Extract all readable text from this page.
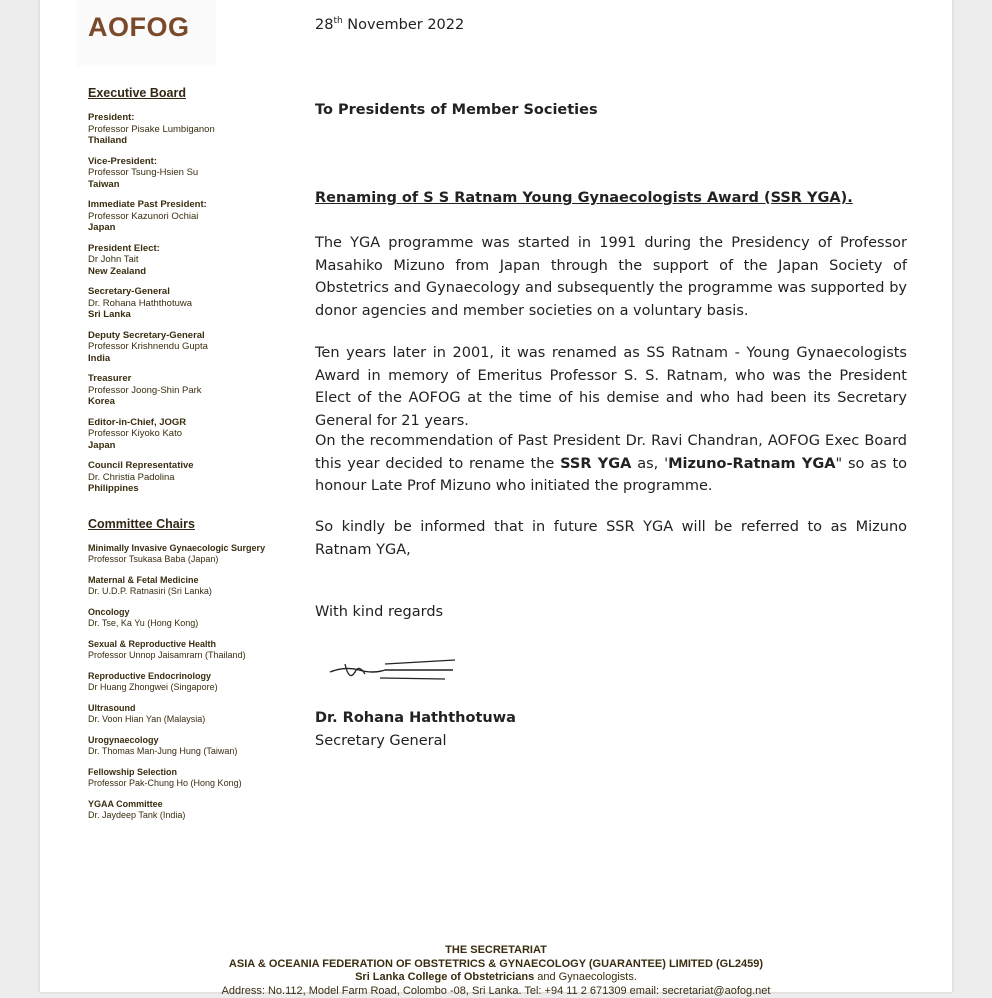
AOFOG
Executive Board
President:
Professor Pisake Lumbiganon
Thailand
Vice-President:
Professor Tsung-Hsien Su
Taiwan
Immediate Past President:
Professor Kazunori Ochiai
Japan
President Elect:
Dr John Tait
New Zealand
Secretary-General
Dr. Rohana Haththotuwa
Sri Lanka
Deputy Secretary-General
Professor Krishnendu Gupta
India
Treasurer
Professor Joong-Shin Park
Korea
Editor-in-Chief, JOGR
Professor Kiyoko Kato
Japan
Council Representative
Dr. Christia Padolina
Philippines
Committee Chairs
Minimally Invasive Gynaecologic Surgery
Professor Tsukasa Baba (Japan)
Maternal & Fetal Medicine
Dr. U.D.P. Ratnasiri (Sri Lanka)
Oncology
Dr. Tse, Ka Yu (Hong Kong)
Sexual & Reproductive Health
Professor Unnop Jaisamrarn (Thailand)
Reproductive Endocrinology
Dr Huang Zhongwei (Singapore)
Ultrasound
Dr. Voon Hian Yan (Malaysia)
Urogynaecology
Dr. Thomas Man-Jung Hung (Taiwan)
Fellowship Selection
Professor Pak-Chung Ho (Hong Kong)
YGAA Committee
Dr. Jaydeep Tank (India)
28th November 2022
To Presidents of Member Societies
Renaming of S S Ratnam Young Gynaecologists Award (SSR YGA).
The YGA programme was started in 1991 during the Presidency of Professor Masahiko Mizuno from Japan through the support of the Japan Society of Obstetrics and Gynaecology and subsequently the programme was supported by donor agencies and member societies on a voluntary basis.
Ten years later in 2001, it was renamed as SS Ratnam - Young Gynaecologists Award in memory of Emeritus Professor S. S. Ratnam, who was the President Elect of the AOFOG at the time of his demise and who had been its Secretary General for 21 years.
On the recommendation of Past President Dr. Ravi Chandran, AOFOG Exec Board this year decided to rename the SSR YGA as, 'Mizuno-Ratnam YGA" so as to honour Late Prof Mizuno who initiated the programme.
So kindly be informed that in future SSR YGA will be referred to as Mizuno Ratnam YGA,
With kind regards
Dr. Rohana Haththotuwa
Secretary General
THE SECRETARIAT
ASIA & OCEANIA FEDERATION OF OBSTETRICS & GYNAECOLOGY (GUARANTEE) LIMITED (GL2459)
Sri Lanka College of Obstetricians and Gynaecologists.
Address: No.112, Model Farm Road, Colombo -08, Sri Lanka. Tel: +94 11 2 671309 email: secretariat@aofog.net
